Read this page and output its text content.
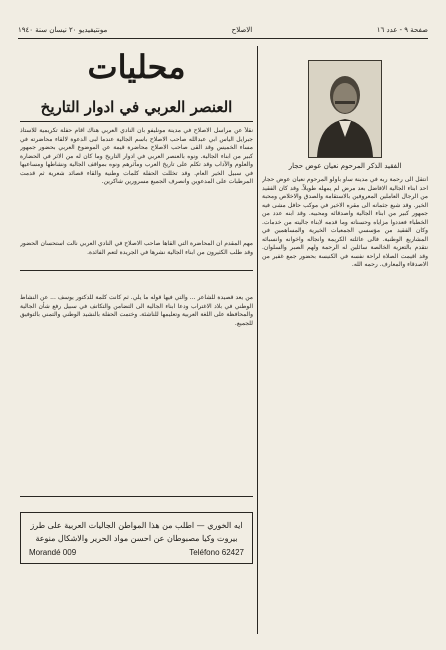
صفحة ٩ - عدد ١٦
الاصلاح
مونتيفيديو ٢٠ نيسان سنة ١٩٤٠
محليات
العنصر العربي في ادوار التاريخ
نقلاً عن مراسل الاصلاح في مدينة مونليفو بان النادي العربي هناك اقام حفلة تكريمية للاستاذ جبرايل الياس ابي عبدالله صاحب الاصلاح باسم الجالية عندما لبى الدعوة لالقاء محاضرته في مساء الخميس وقد القى صاحب الاصلاح محاضرة قيمة عن الموضوع العربي بحضور جمهور كبير من ابناء الجالية. ونوه بالعنصر العربي في ادوار التاريخ وما كان له من الاثر في الحضارة والعلوم والآداب وقد تكلم على تاريخ العرب ومآثرهم ونوه بمواقف الجالية ونشاطها ومساعيها في سبيل الخير العام. وقد تخللت الحفلة كلمات وطنية والقاء قصائد شعرية ثم قدمت المرطبات على المدعوين وانصرف الجميع مسرورين شاكرين.
مهم المقدم ان المحاضرة التي القاها صاحب الاصلاح في النادي العربي نالت استحسان الحضور وقد طلب الكثيرون من ابناء الجالية نشرها في الجريدة لتعم الفائدة.
من يعد قصيدة للشاعر ... والتي فيها قوله ما يلي. ثم كانت كلمة للدكتور يوسف ... عن النشاط الوطني في بلاد الاغتراب ودعا ابناء الجالية الى التضامن والتكاتف في سبيل رفع شأن الجالية والمحافظة على اللغة العربية وتعليمها للناشئة. وختمت الحفلة بالنشيد الوطني والتمني بالتوفيق للجميع.
الفقيد الذكر المرحوم نعيان عوض حجار
انتقل الى رحمة ربه في مدينة ساو باولو المرحوم نعيان عوض حجار احد ابناء الجالية الافاضل بعد مرض لم يمهله طويلاً. وقد كان الفقيد من الرجال العاملين المعروفين بالاستقامة والصدق والاخلاص ومحبة الخير. وقد شيع جثمانه الى مقره الاخير في موكب حافل مشى فيه جمهور كبير من ابناء الجالية واصدقائه ومحبيه. وقد ابنه عدد من الخطباء فعددوا مزاياه وحسناته وما قدمه لابناء جاليته من خدمات. وكان الفقيد من مؤسسي الجمعيات الخيرية والمساهمين في المشاريع الوطنية. فالى عائلته الكريمة وانجاله واخوانه وانسبائه نتقدم بالتعزية الخالصة سائلين له الرحمة ولهم الصبر والسلوان. وقد اقيمت الصلاة لراحة نفسه في الكنيسة بحضور جمع غفير من الاصدقاء والمعارف. رحمه الله.
ايه الخوري — اطلب من هذا المواطن الجاليات العربية على طرز
بيروت وكيا مصبوطان عن احسن مواد الحرير والاشكال منوعة
Morandé 009	Teléfono 62427
